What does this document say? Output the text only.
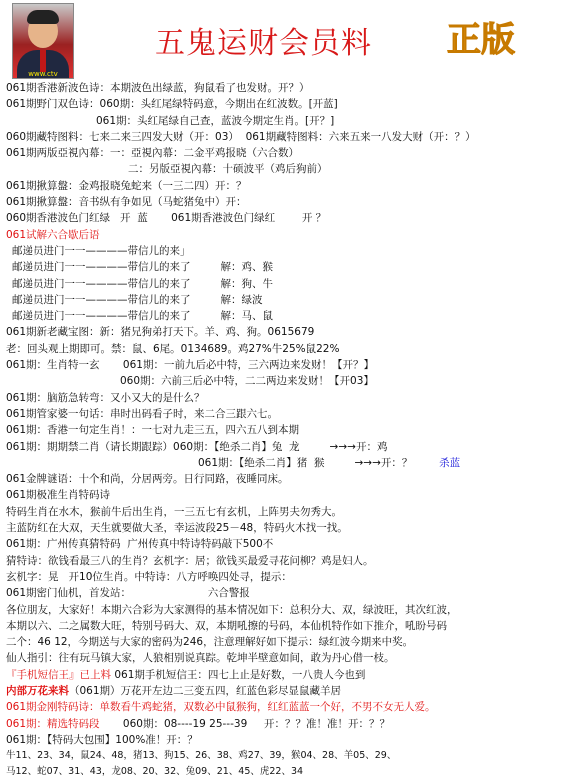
www.ctv
五鬼运财会员料 正版
061期香港新波色诗：本期波色出绿蓝，狗鼠看了也发财。开？）
061期野门双色诗：060期：头红尾绿特码意，今期出在红波数。[开蓝]
061期：头红尾绿自己查，蓝波今期定生肖。[开？]
060期藏特图料：七来二来三四发大财（开：03）  061期藏特图料：六来五来一八发大财（开：？）
061期两版亞視內幕：一：亞視內幕：二金平鸡报晓（六合数）
二：另版亞視內幕：十硕波平（鸡后狗前）
061期揪算盤：金鸡报晓兔蛇来（一三二四）开：？
061期揪算盤：音书纵有争如见（马蛇猪兔中）开：
060期香港波色门红绿   开  蓝       061期香港波色门绿红        开 ？
061试解六合歇后语
邮递员进门一一————带信儿的来」
邮递员进门一一————带信儿的来了         解：鸡、猴
邮递员进门一一————带信儿的来了         解：狗、牛
邮递员进门一一————带信儿的来了         解：绿波
邮递员进门一一————带信儿的来了         解：马、鼠
061期新老藏宝图：新：猪兄狗弟打天下。羊、鸡、狗。0615679
老：回头观上期即可。禁：鼠、6尾。0134689。鸡27%牛25%鼠22%
061期：生肖特一玄       061期：一前九后必中特，三六两边来发财！【开？】
060期：六前三后必中特，二二两边来发财！【开03】
061期：脑筋急转弯：又小又大的是什么？
061期管家婆一句话：串时出码看子时，来二合三跟六七。
061期：香港一句定生肖！：一七对九走三五，四六五八到本期
061期：期期禁二肖（请长期跟踪）060期：【绝杀二肖】兔  龙         →→→开：鸡
061期：【绝杀二肖】猪  猴         →→→开：？        杀蓝
061金牌谜语：十个和尚，分居两旁。日行同路，夜睡同床。
061期极准生肖特码诗
特码生肖在水木，猴前牛后出生肖，一三五七有玄机，上阵男夫勿秀大。
主蓝防红在大双，天生就要做大圣，幸运波段25－48，特码火木找一找。
061期：广州传真猜特码  广州传真中特诗特码敲下500不
猜特诗：欲钱看最三八的生肖？玄机字：居；欲钱买最爱寻花问柳？鸡是妇人。
玄机字：晃   开10位生肖。中特诗：八方呼唤四处寻，提示：
061期密门仙机，首发站：                       六合警报
各位朋友，大家好！本期六合彩为大家测得的基本情况如下：总积分大、双，绿波旺，其次红波，
本期以六、二之属数大旺，特别号码大、双，本期吼擦的号码，本仙机特作如下推介，吼盼号码
二个：46 12，今期送与大家的密码为246，注意理解好如下提示：绿红波今期来中奖。
仙人指引：往有玩马镇大家，人狼相别说真踪。乾坤半壁意如间，敢为丹心借一枝。
『手机短信王』已上料 061期手机短信王：四七上止是好数，一八贵人今也到
内部万花来料（061期）万花开左边二三变五四，红蓝色彩尽显鼠藏羊居
061期金刚特码诗：单数看牛鸡蛇猪，双数必中鼠猴狗，红红蓝蓝一个好，不男不女无人爱。
061期：精选特码段       060期：08----19 25---39     开：？？准！准！开：？？
061期：【特码大包围】100%准！开：？
牛11、23、34，鼠24、48，猪13、狗15、26、38、鸡27、39，猴04、28、羊05、29、
马12、蛇07、31、43，龙08、20、32、兔09、21、45、虎22、34
